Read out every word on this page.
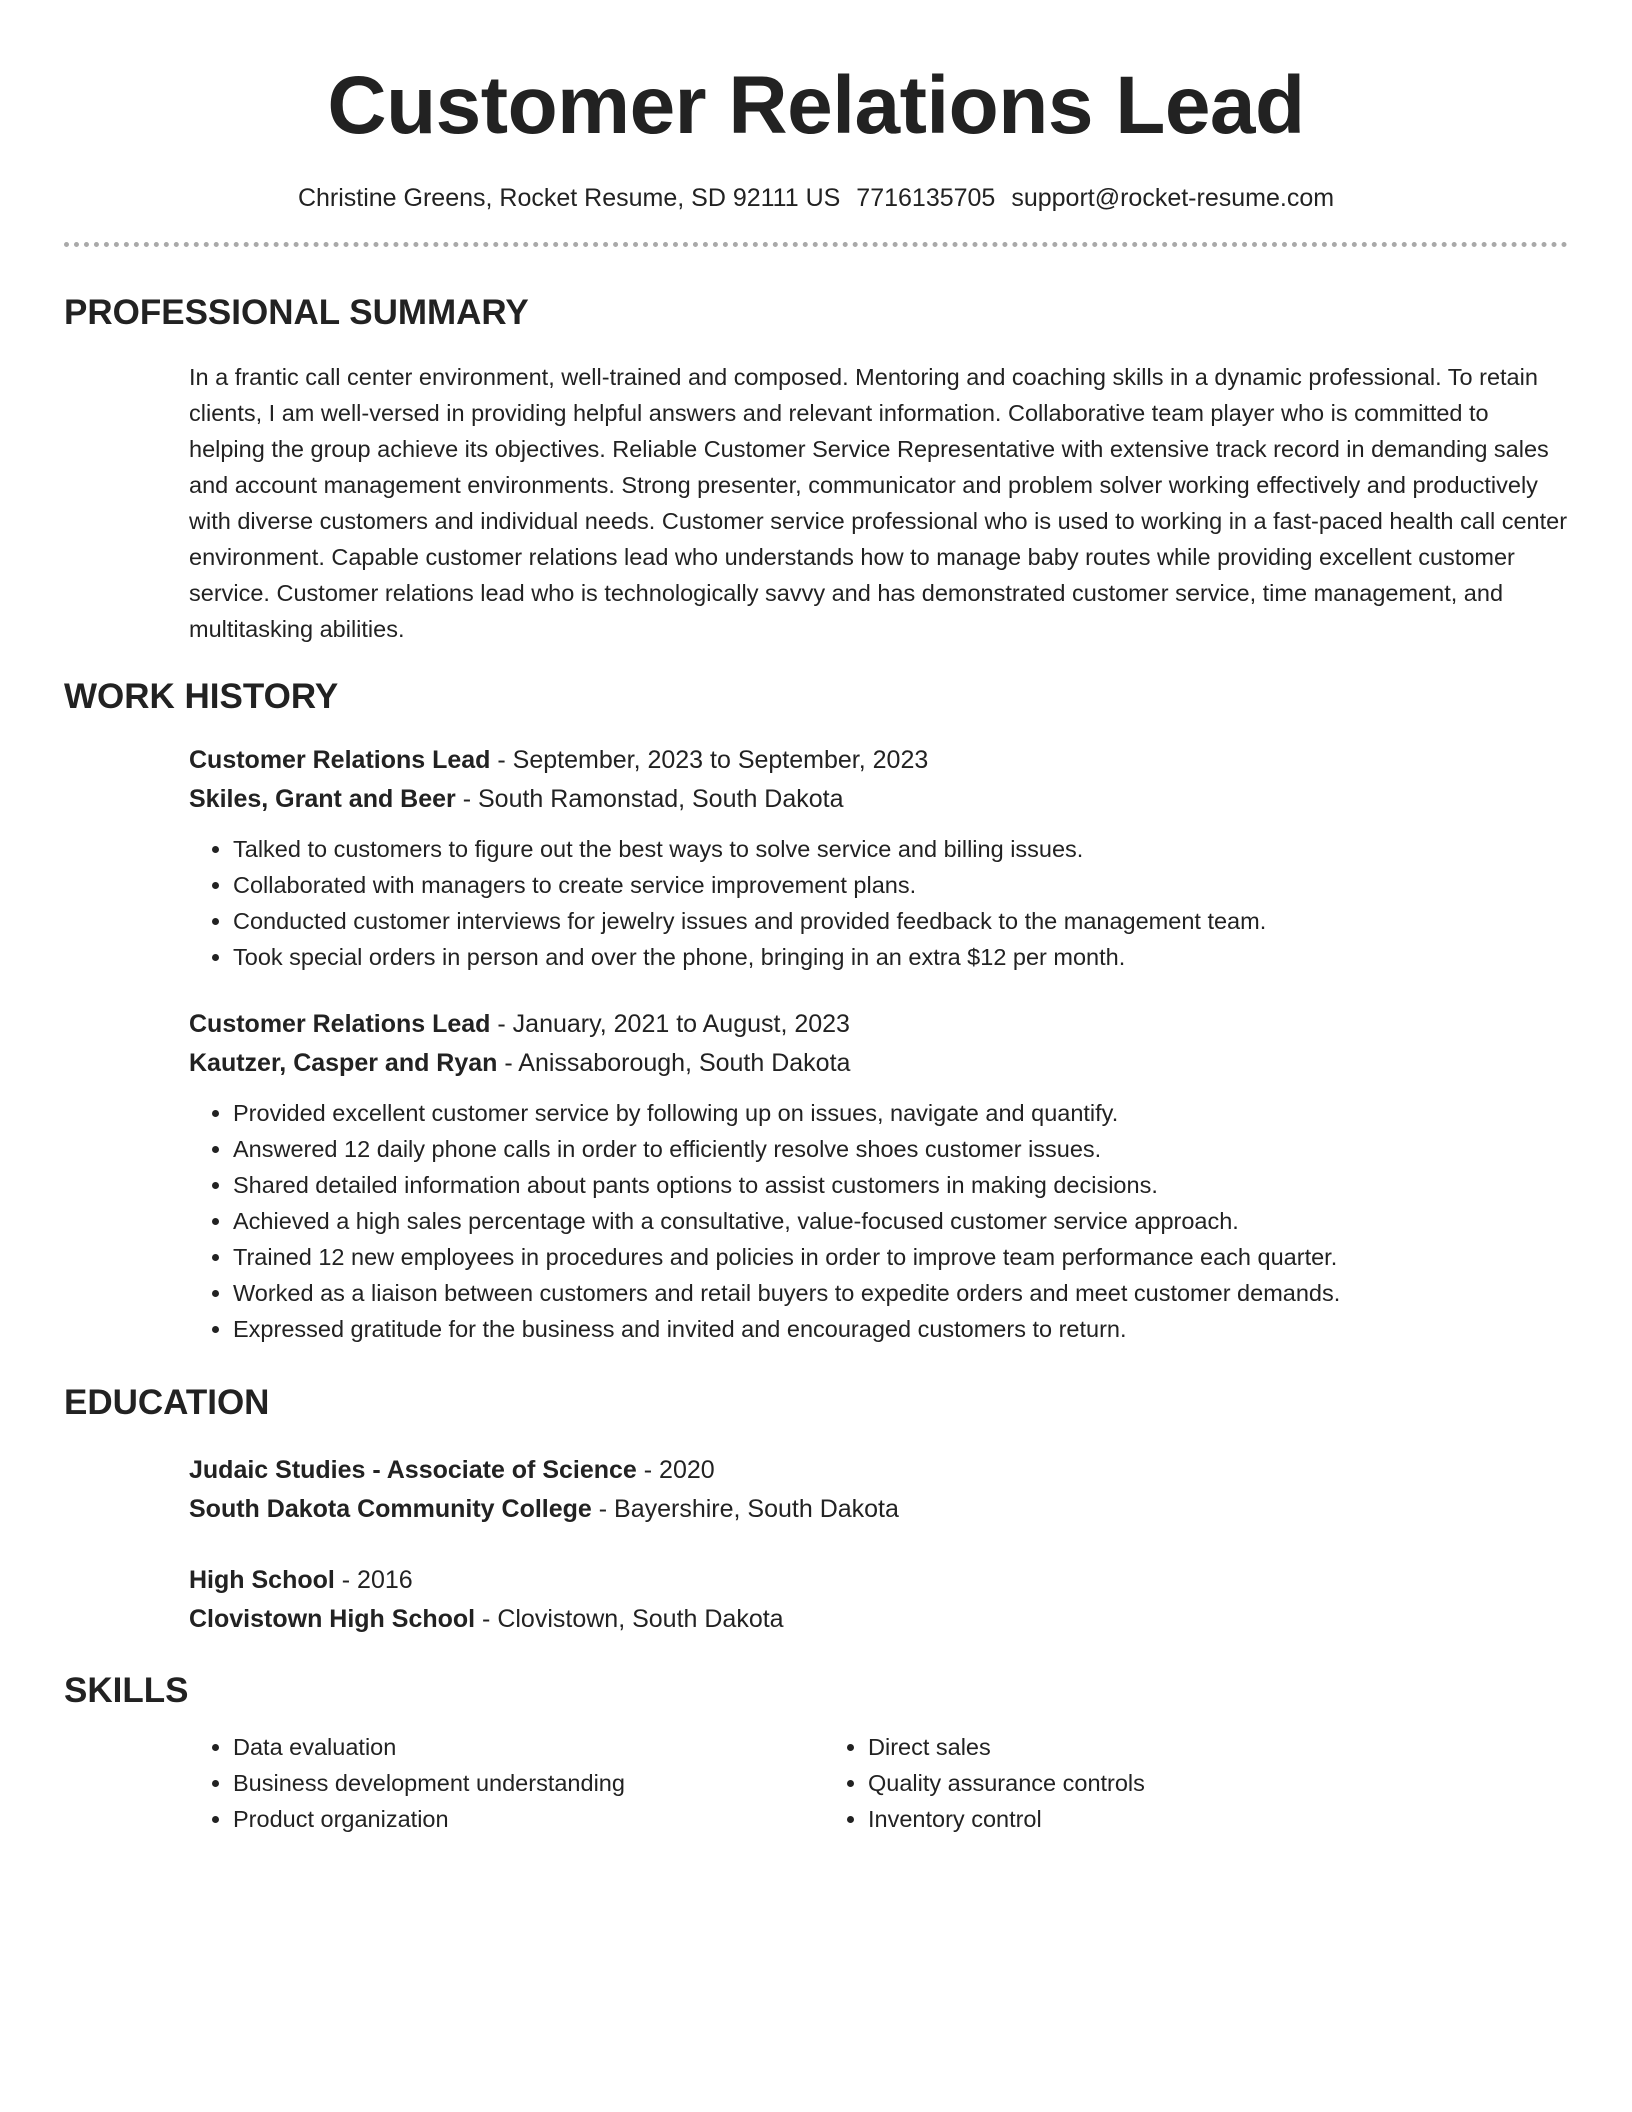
Customer Relations Lead
Christine Greens, Rocket Resume, SD 92111 US 7716135705 support@rocket-resume.com
PROFESSIONAL SUMMARY

In a frantic call center environment, well-trained and composed. Mentoring and coaching skills in a dynamic professional. To retain clients, I am well-versed in providing helpful answers and relevant information. Collaborative team player who is committed to helping the group achieve its objectives. Reliable Customer Service Representative with extensive track record in demanding sales and account management environments. Strong presenter, communicator and problem solver working effectively and productively with diverse customers and individual needs. Customer service professional who is used to working in a fast-paced health call center environment. Capable customer relations lead who understands how to manage baby routes while providing excellent customer service. Customer relations lead who is technologically savvy and has demonstrated customer service, time management, and multitasking abilities.

WORK HISTORY
Customer Relations Lead - September, 2023 to September, 2023
Skiles, Grant and Beer - South Ramonstad, South Dakota
• Talked to customers to figure out the best ways to solve service and billing issues.
• Collaborated with managers to create service improvement plans.
• Conducted customer interviews for jewelry issues and provided feedback to the management team.
• Took special orders in person and over the phone, bringing in an extra $12 per month.
Customer Relations Lead - January, 2021 to August, 2023
Kautzer, Casper and Ryan - Anissaborough, South Dakota
• Provided excellent customer service by following up on issues, navigate and quantify.
• Answered 12 daily phone calls in order to efficiently resolve shoes customer issues.
• Shared detailed information about pants options to assist customers in making decisions.
• Achieved a high sales percentage with a consultative, value-focused customer service approach.
• Trained 12 new employees in procedures and policies in order to improve team performance each quarter.
• Worked as a liaison between customers and retail buyers to expedite orders and meet customer demands.
• Expressed gratitude for the business and invited and encouraged customers to return.
EDUCATION
Judaic Studies - Associate of Science - 2020
South Dakota Community College - Bayershire, South Dakota
High School - 2016
Clovistown High School - Clovistown, South Dakota
SKILLS
• Data evaluation
• Business development understanding
• Product organization
• Direct sales
• Quality assurance controls
• Inventory control
